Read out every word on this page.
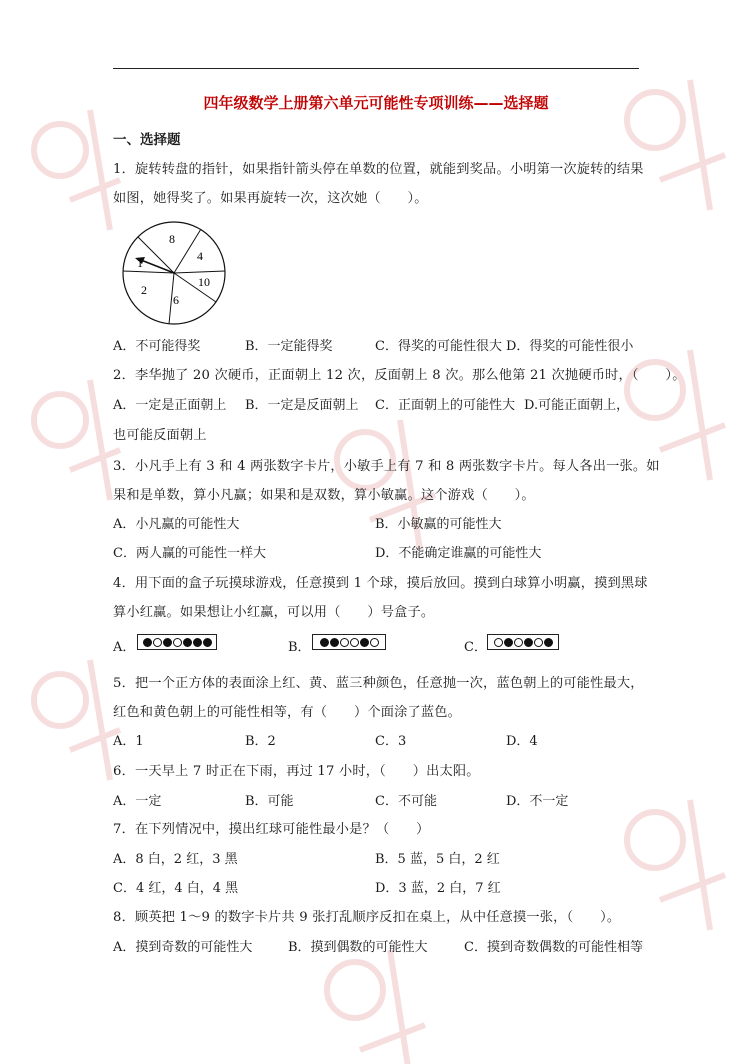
四年级数学上册第六单元可能性专项训练——选择题
一、选择题
1．旋转转盘的指针，如果指针箭头停在单数的位置，就能到奖品。小明第一次旋转的结果
如图，她得奖了。如果再旋转一次，这次她（　　）。
8
4
1
10
2
6
A．不可能得奖	B．一定能得奖	C．得奖的可能性很大 D．得奖的可能性很小
2．李华抛了 20 次硬币，正面朝上 12 次，反面朝上 8 次。那么他第 21 次抛硬币时，（　　）。
A．一定是正面朝上 B．一定是反面朝上 C．正面朝上的可能性大 D.可能正面朝上，
也可能反面朝上
3．小凡手上有 3 和 4 两张数字卡片，小敏手上有 7 和 8 两张数字卡片。每人各出一张。如
果和是单数，算小凡赢；如果和是双数，算小敏赢。这个游戏（　　）。
A．小凡赢的可能性大	B．小敏赢的可能性大
C．两人赢的可能性一样大	D．不能确定谁赢的可能性大
4．用下面的盒子玩摸球游戏，任意摸到 1 个球，摸后放回。摸到白球算小明赢，摸到黑球
算小红赢。如果想让小红赢，可以用（　　）号盒子。
A．	B．	C．
5．把一个正方体的表面涂上红、黄、蓝三种颜色，任意抛一次，蓝色朝上的可能性最大，
红色和黄色朝上的可能性相等，有（　　）个面涂了蓝色。
A．1	B．2	C．3	D．4
6．一天早上 7 时正在下雨，再过 17 小时，（　　）出太阳。
A．一定	B．可能	C．不可能	D．不一定
7．在下列情况中，摸出红球可能性最小是？（　　）
A．8 白，2 红，3 黑	B．5 蓝，5 白，2 红
C．4 红，4 白，4 黑	D．3 蓝，2 白，7 红
8．顾英把 1～9 的数字卡片共 9 张打乱顺序反扣在桌上，从中任意摸一张，（　　）。
A．摸到奇数的可能性大	B．摸到偶数的可能性大	C．摸到奇数偶数的可能性相等
